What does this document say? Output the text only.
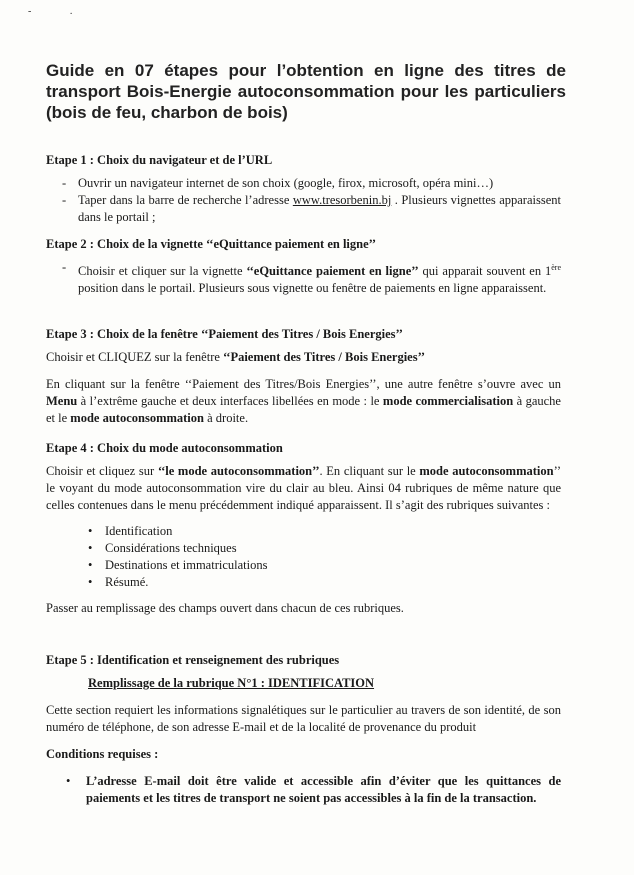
- .
Guide en 07 étapes pour l’obtention en ligne des titres de transport Bois-Energie autoconsommation pour les particuliers (bois de feu, charbon de bois)
Etape 1 : Choix du navigateur et de l’URL
- Ouvrir un navigateur internet de son choix (google, firox, microsoft, opéra mini…)
- Taper dans la barre de recherche l’adresse www.tresorbenin.bj . Plusieurs vignettes apparaissent dans le portail ;
Etape 2 : Choix de la vignette ‘‘eQuittance paiement en ligne’’
- Choisir et cliquer sur la vignette ‘‘eQuittance paiement en ligne’’ qui apparait souvent en 1ère position dans le portail. Plusieurs sous vignette ou fenêtre de paiements en ligne apparaissent.
Etape 3 : Choix de la fenêtre ‘‘Paiement des Titres / Bois Energies’’
Choisir et CLIQUEZ sur la fenêtre ‘‘Paiement des Titres / Bois Energies’’
En cliquant sur la fenêtre ‘‘Paiement des Titres/Bois Energies’’, une autre fenêtre s’ouvre avec un Menu à l’extrême gauche et deux interfaces libellées en mode : le mode commercialisation à gauche et le mode autoconsommation à droite.
Etape 4 : Choix du mode autoconsommation
Choisir et cliquez sur ‘‘le mode autoconsommation’’. En cliquant sur le mode autoconsommation’’ le voyant du mode autoconsommation vire du clair au bleu. Ainsi 04 rubriques de même nature que celles contenues dans le menu précédemment indiqué apparaissent. Il s’agit des rubriques suivantes :
• Identification
• Considérations techniques
• Destinations et immatriculations
• Résumé.
Passer au remplissage des champs ouvert dans chacun de ces rubriques.
Etape 5 : Identification et renseignement des rubriques
Remplissage de la rubrique N°1 : IDENTIFICATION
Cette section requiert les informations signalétiques sur le particulier au travers de son identité, de son numéro de téléphone, de son adresse E-mail et de la localité de provenance du produit
Conditions requises :
• L’adresse E-mail doit être valide et accessible afin d’éviter que les quittances de paiements et les titres de transport ne soient pas accessibles à la fin de la transaction.
